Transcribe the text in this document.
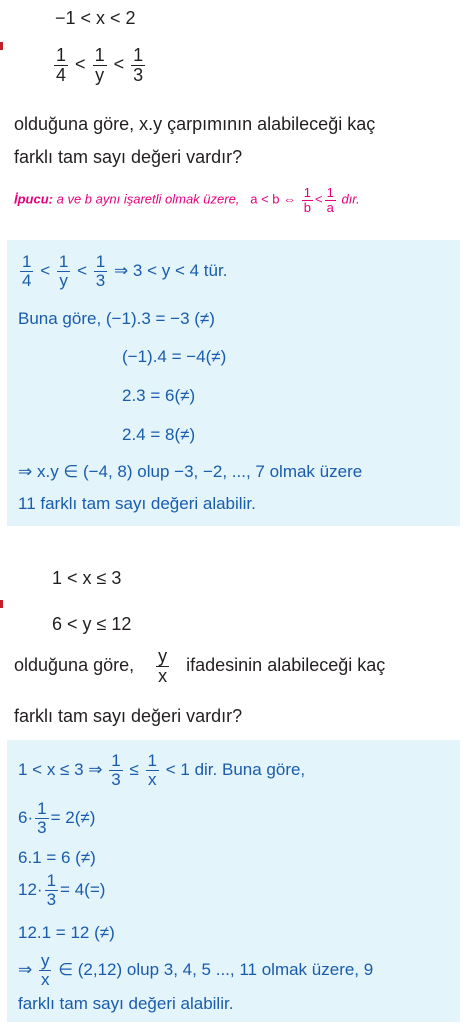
−1 < x < 2
$\frac{1}{4} < \frac{1}{y} < \frac{1}{3}$
olduğuna göre, x.y çarpımının alabileceği kaç
farklı tam sayı değeri vardır?
İpucu: a ve b aynı işaretli olmak üzere, a < b ⇔ $\frac{1}{b} < \frac{1}{a}$ dır.
$\frac{1}{4} < \frac{1}{y} < \frac{1}{3}$ ⇒ 3 < y < 4 tür.
Buna göre, (−1).3 = −3 (≠)
(−1).4 = −4(≠)
2.3 = 6(≠)
2.4 = 8(≠)
⇒ x.y ∈ (−4, 8) olup −3, −2, ..., 7 olmak üzere
11 farklı tam sayı değeri alabilir.
1 < x ≤ 3
6 < y ≤ 12
olduğuna göre, $\frac{y}{x}$ ifadesinin alabileceği kaç
farklı tam sayı değeri vardır?
1 < x ≤ 3 ⇒ $\frac{1}{3} \le \frac{1}{x} < 1$ dir. Buna göre,
$6\cdot \frac{1}{3} = 2(\ne)$
6.1 = 6 (≠)
$12\cdot \frac{1}{3} = 4(=)$
12.1 = 12 (≠)
⇒ $\frac{y}{x}$ ∈ (2,12) olup 3, 4, 5 ..., 11 olmak üzere, 9
farklı tam sayı değeri alabilir.
